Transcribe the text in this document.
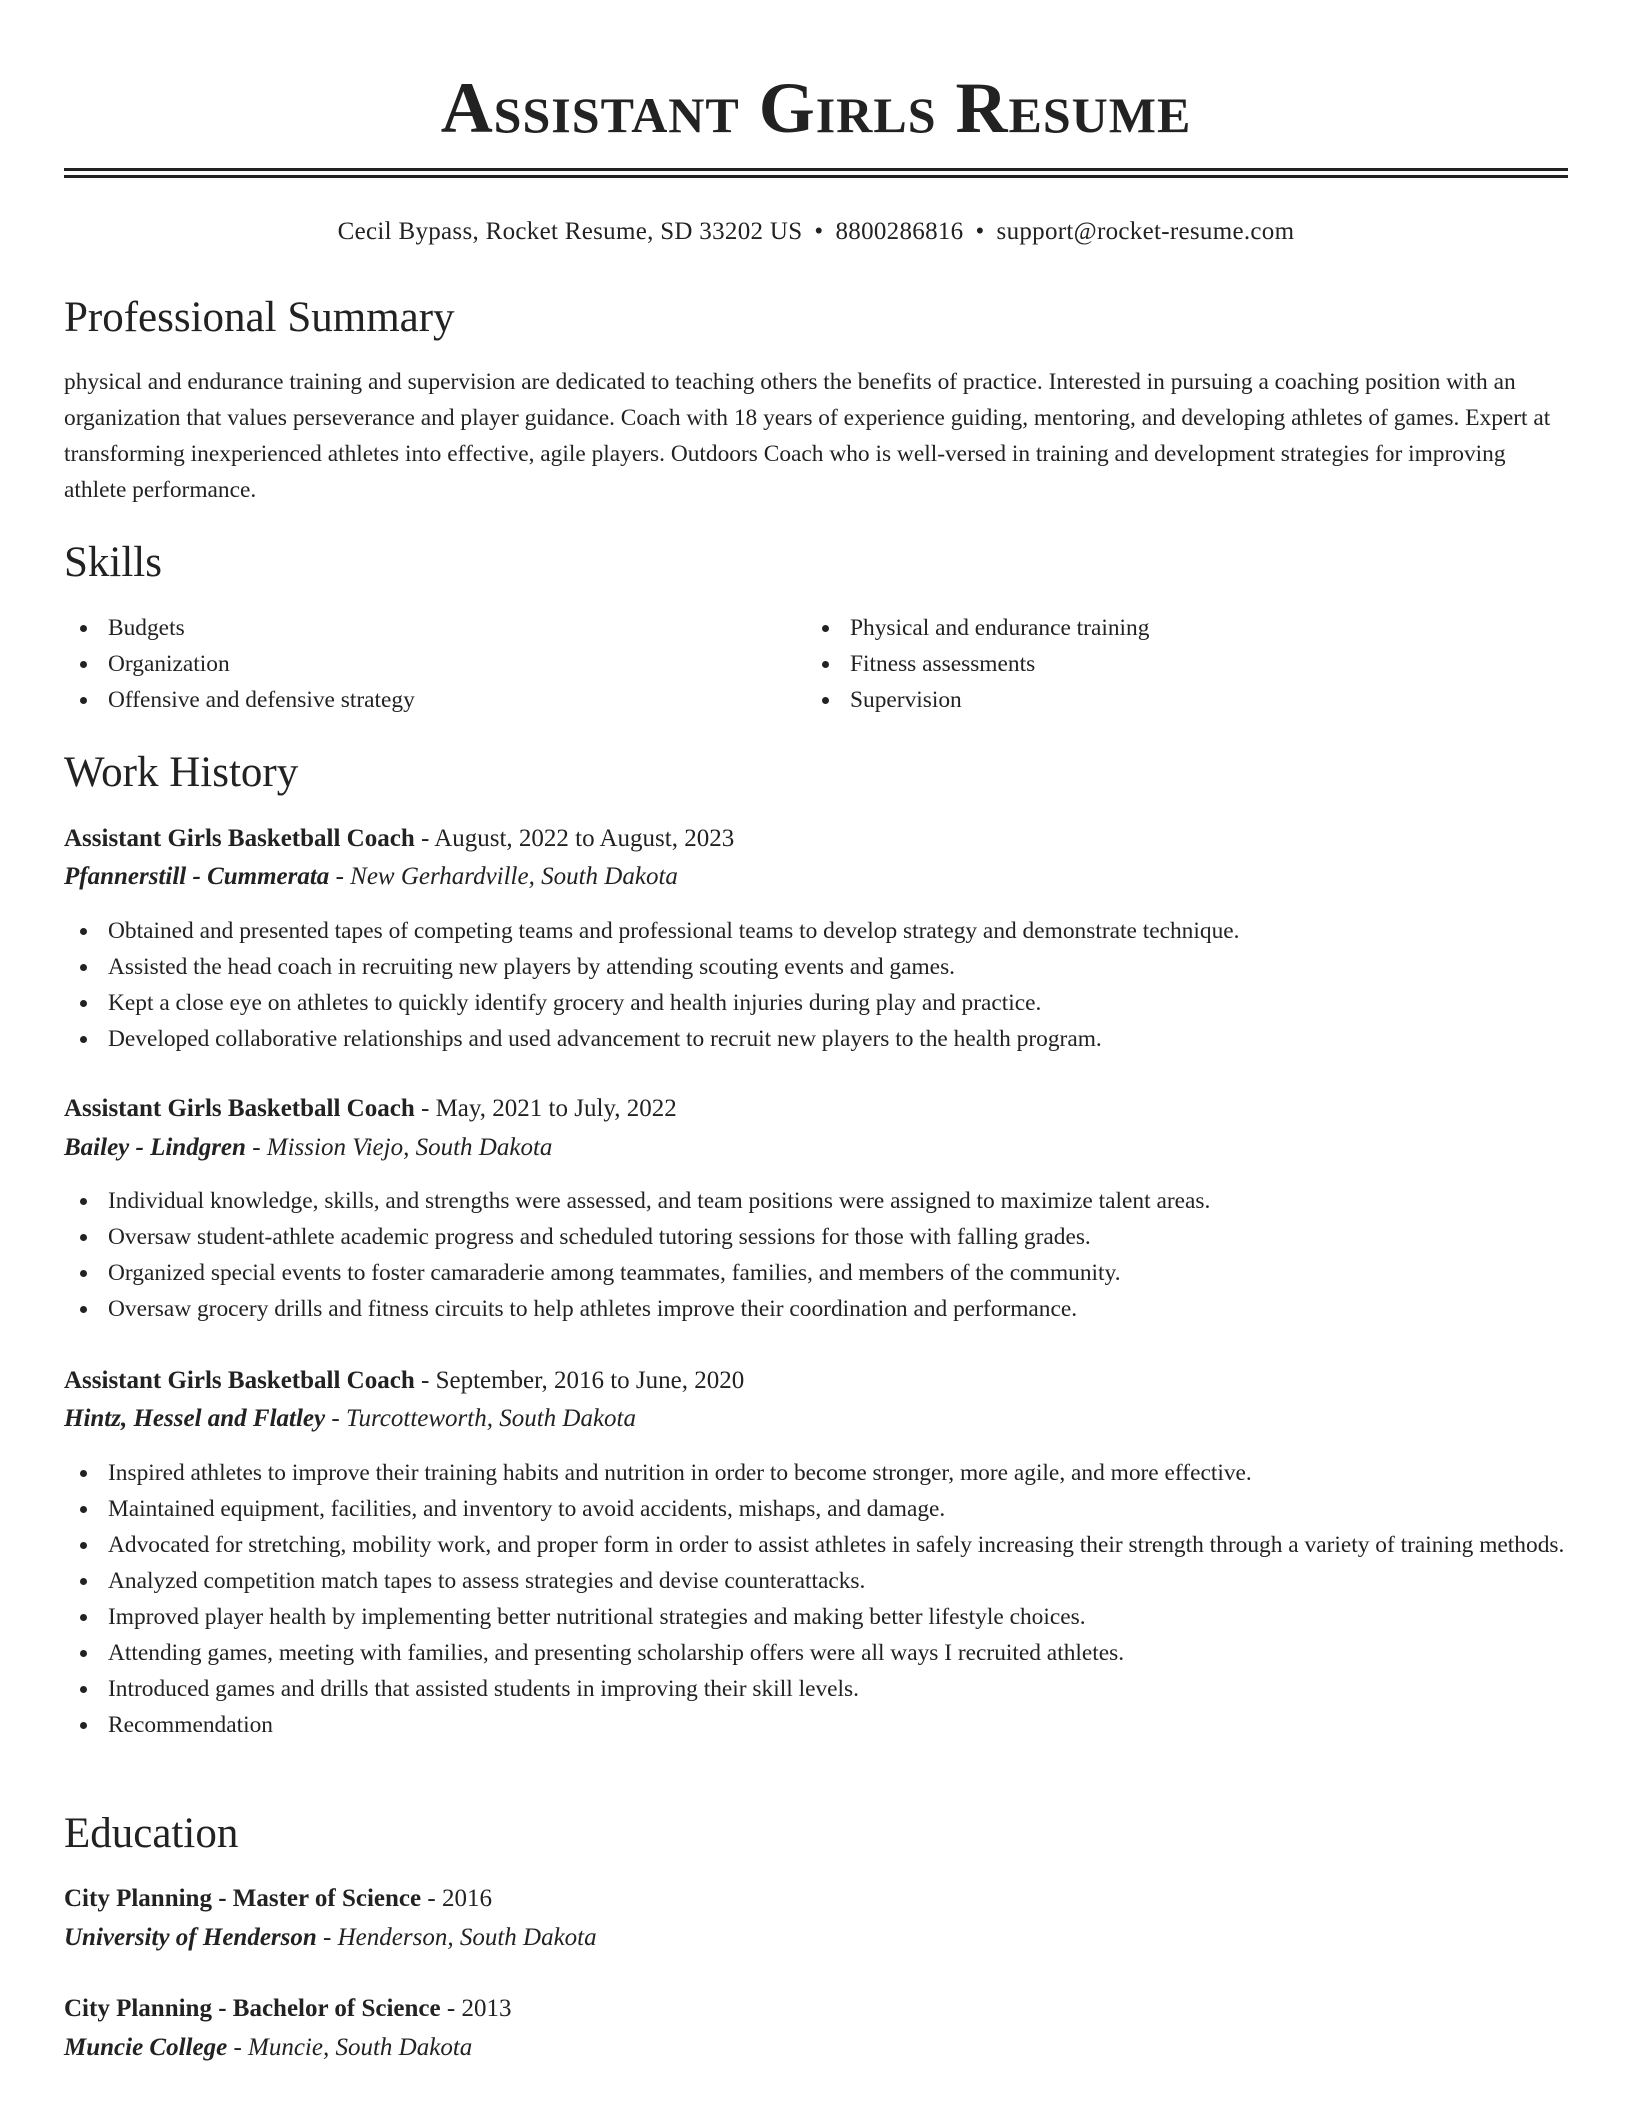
Assistant Girls Resume
Cecil Bypass, Rocket Resume, SD 33202 US • 8800286816 • support@rocket-resume.com
Professional Summary

physical and endurance training and supervision are dedicated to teaching others the benefits of practice. Interested in pursuing a coaching position with an organization that values perseverance and player guidance. Coach with 18 years of experience guiding, mentoring, and developing athletes of games. Expert at transforming inexperienced athletes into effective, agile players. Outdoors Coach who is well-versed in training and development strategies for improving athlete performance.

Skills
Budgets
Organization
Offensive and defensive strategy
Physical and endurance training
Fitness assessments
Supervision
Work History
Assistant Girls Basketball Coach - August, 2022 to August, 2023
Pfannerstill - Cummerata - New Gerhardville, South Dakota
Obtained and presented tapes of competing teams and professional teams to develop strategy and demonstrate technique.
Assisted the head coach in recruiting new players by attending scouting events and games.
Kept a close eye on athletes to quickly identify grocery and health injuries during play and practice.
Developed collaborative relationships and used advancement to recruit new players to the health program.
Assistant Girls Basketball Coach - May, 2021 to July, 2022
Bailey - Lindgren - Mission Viejo, South Dakota
Individual knowledge, skills, and strengths were assessed, and team positions were assigned to maximize talent areas.
Oversaw student-athlete academic progress and scheduled tutoring sessions for those with falling grades.
Organized special events to foster camaraderie among teammates, families, and members of the community.
Oversaw grocery drills and fitness circuits to help athletes improve their coordination and performance.
Assistant Girls Basketball Coach - September, 2016 to June, 2020
Hintz, Hessel and Flatley - Turcotteworth, South Dakota
Inspired athletes to improve their training habits and nutrition in order to become stronger, more agile, and more effective.
Maintained equipment, facilities, and inventory to avoid accidents, mishaps, and damage.
Advocated for stretching, mobility work, and proper form in order to assist athletes in safely increasing their strength through a variety of training methods.
Analyzed competition match tapes to assess strategies and devise counterattacks.
Improved player health by implementing better nutritional strategies and making better lifestyle choices.
Attending games, meeting with families, and presenting scholarship offers were all ways I recruited athletes.
Introduced games and drills that assisted students in improving their skill levels.
Recommendation
Education
City Planning - Master of Science - 2016
University of Henderson - Henderson, South Dakota
City Planning - Bachelor of Science - 2013
Muncie College - Muncie, South Dakota
